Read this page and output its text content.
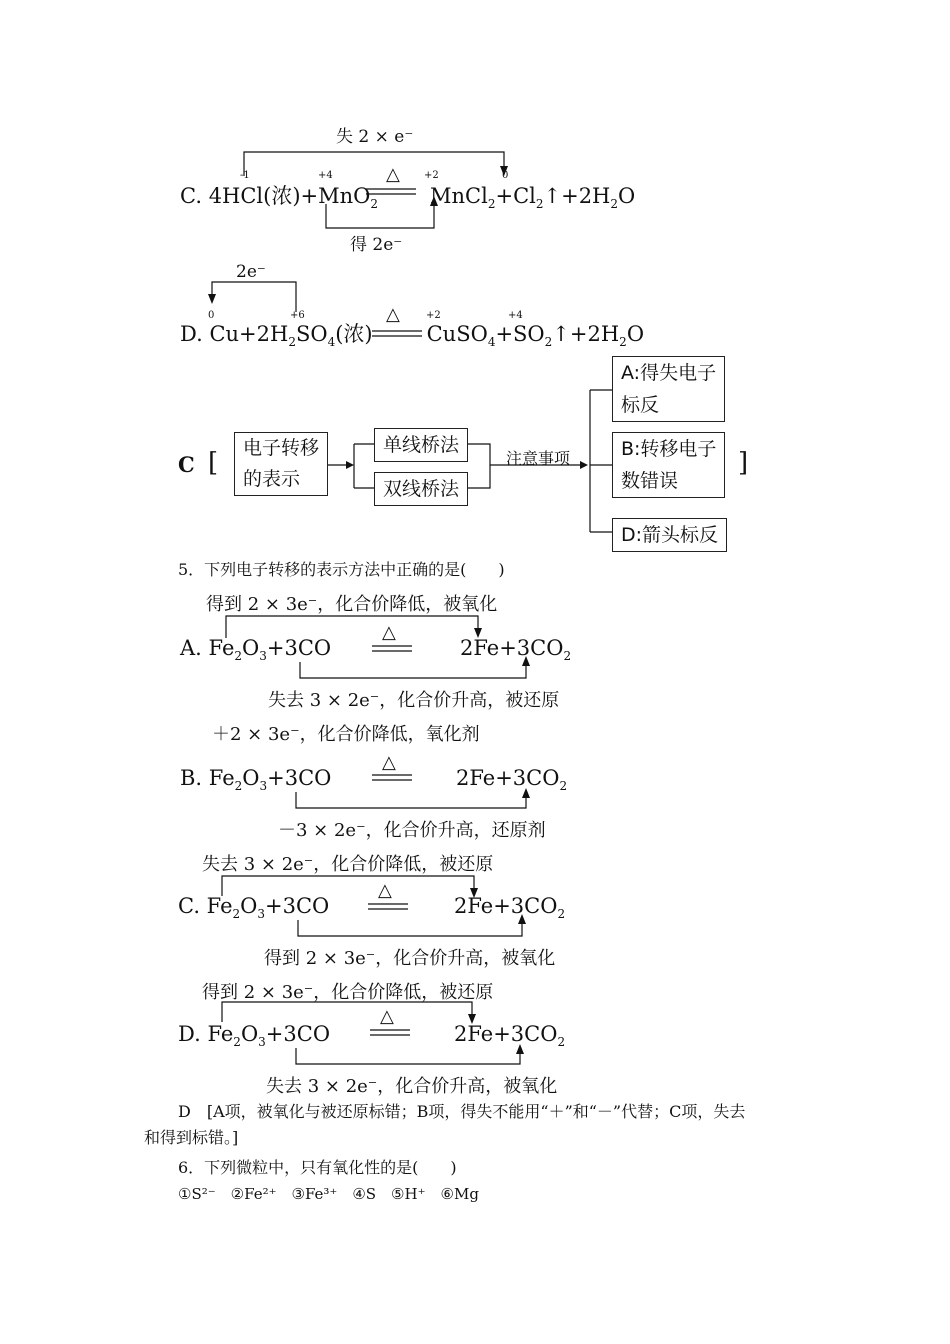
失 2 × e⁻
-1	+4	+2	0
△
C. 4HCl(浓)+MnO$_2$ $MnCl_2+Cl_2↑+2H_2O$
得 2e⁻
2e⁻
0	+6	+2	+4
△
D. $Cu+2H_2SO_4$(浓)	$CuSO_4+SO_2↑+2H_2O$
C [ 电子转移
的表示
单线桥法
双线桥法
注意事项
A:得失电子
标反
B:转移电子
数错误
D:箭头标反
]
5．下列电子转移的表示方法中正确的是(　　)
得到 2 × 3e⁻，化合价降低，被氧化
△
A. $Fe_2O_3+3CO$	$2Fe+3CO_2$
失去 3 × 2e⁻，化合价升高，被还原
＋2 × 3e⁻，化合价降低，氧化剂
△
B. $Fe_2O_3+3CO$	$2Fe+3CO_2$
－3 × 2e⁻，化合价升高，还原剂
失去 3 × 2e⁻，化合价降低，被还原
△
C. $Fe_2O_3+3CO$	$2Fe+3CO_2$
得到 2 × 3e⁻，化合价升高，被氧化
得到 2 × 3e⁻，化合价降低，被还原
△
D. $Fe_2O_3+3CO$	$2Fe+3CO_2$
失去 3 × 2e⁻，化合价升高，被氧化
D　[A项，被氧化与被还原标错；B项，得失不能用“＋”和“－”代替；C项，失去
和得到标错。]
6．下列微粒中，只有氧化性的是(　　)
①S²⁻　②Fe²⁺　③Fe³⁺　④S　⑤H⁺　⑥Mg
